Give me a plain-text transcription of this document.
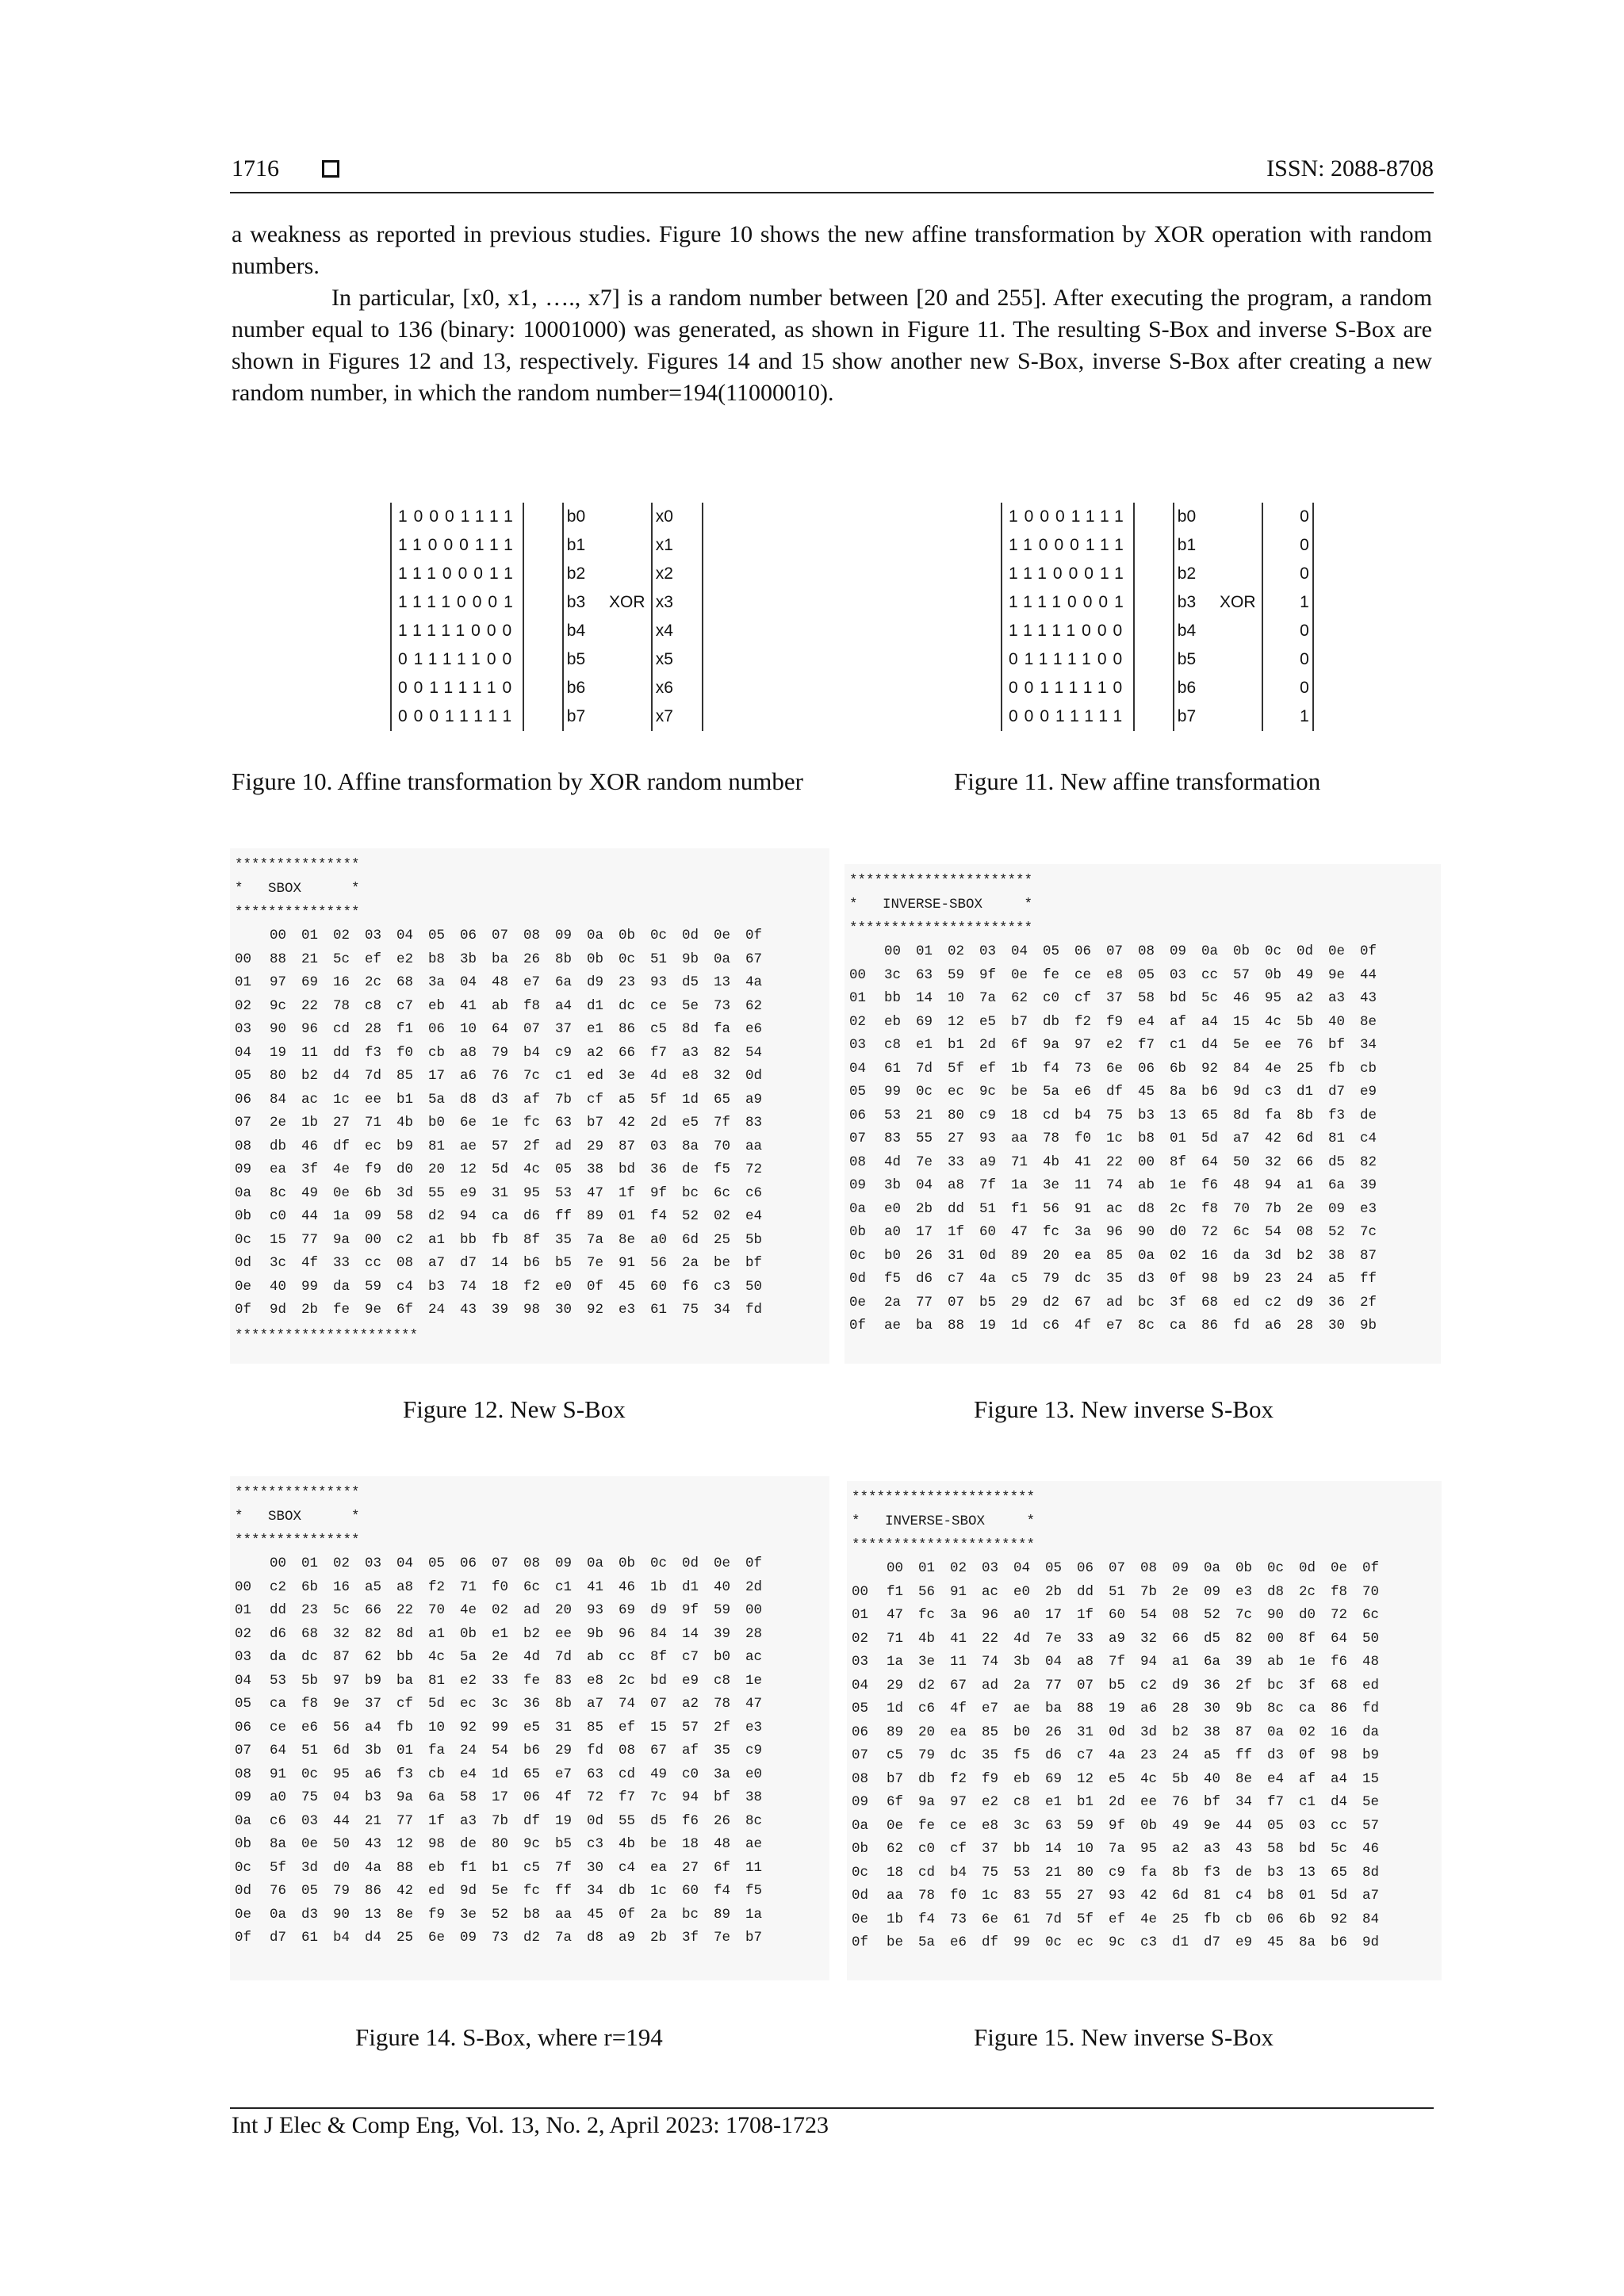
1716	ISSN: 2088-8708
a weakness as reported in previous studies. Figure 10 shows the new affine transformation by XOR operation with random numbers.
In particular, [x0, x1, …., x7] is a random number between [20 and 255]. After executing the program, a random number equal to 136 (binary: 10001000) was generated, as shown in Figure 11. The resulting S-Box and inverse S-Box are shown in Figures 12 and 13, respectively. Figures 14 and 15 show another new S-Box, inverse S-Box after creating a new random number, in which the random number=194(11000010).
10001111		b0		x0	
11000111		b1		x1	
11100011		b2		x2	
11110001		b3	XOR	x3	
11111000		b4		x4	
01111100		b5		x5	
00111110		b6		x6	
00011111		b7		x7	
10001111		b0			0
11000111		b1			0
11100011		b2			0
11110001		b3	XOR		1
11111000		b4			0
01111100		b5			0
00111110		b6			0
00011111		b7			1
Figure 10. Affine transformation by XOR random number	Figure 11. New affine transformation
***************
*   SBOX      *
***************
	00	01	02	03	04	05	06	07	08	09	0a	0b	0c	0d	0e	0f
00	88	21	5c	ef	e2	b8	3b	ba	26	8b	0b	0c	51	9b	0a	67
01	97	69	16	2c	68	3a	04	48	e7	6a	d9	23	93	d5	13	4a
02	9c	22	78	c8	c7	eb	41	ab	f8	a4	d1	dc	ce	5e	73	62
03	90	96	cd	28	f1	06	10	64	07	37	e1	86	c5	8d	fa	e6
04	19	11	dd	f3	f0	cb	a8	79	b4	c9	a2	66	f7	a3	82	54
05	80	b2	d4	7d	85	17	a6	76	7c	c1	ed	3e	4d	e8	32	0d
06	84	ac	1c	ee	b1	5a	d8	d3	af	7b	cf	a5	5f	1d	65	a9
07	2e	1b	27	71	4b	b0	6e	1e	fc	63	b7	42	2d	e5	7f	83
08	db	46	df	ec	b9	81	ae	57	2f	ad	29	87	03	8a	70	aa
09	ea	3f	4e	f9	d0	20	12	5d	4c	05	38	bd	36	de	f5	72
0a	8c	49	0e	6b	3d	55	e9	31	95	53	47	1f	9f	bc	6c	c6
0b	c0	44	1a	09	58	d2	94	ca	d6	ff	89	01	f4	52	02	e4
0c	15	77	9a	00	c2	a1	bb	fb	8f	35	7a	8e	a0	6d	25	5b
0d	3c	4f	33	cc	08	a7	d7	14	b6	b5	7e	91	56	2a	be	bf
0e	40	99	da	59	c4	b3	74	18	f2	e0	0f	45	60	f6	c3	50
0f	9d	2b	fe	9e	6f	24	43	39	98	30	92	e3	61	75	34	fd
**********************
**********************
*   INVERSE-SBOX     *
**********************
	00	01	02	03	04	05	06	07	08	09	0a	0b	0c	0d	0e	0f
00	3c	63	59	9f	0e	fe	ce	e8	05	03	cc	57	0b	49	9e	44
01	bb	14	10	7a	62	c0	cf	37	58	bd	5c	46	95	a2	a3	43
02	eb	69	12	e5	b7	db	f2	f9	e4	af	a4	15	4c	5b	40	8e
03	c8	e1	b1	2d	6f	9a	97	e2	f7	c1	d4	5e	ee	76	bf	34
04	61	7d	5f	ef	1b	f4	73	6e	06	6b	92	84	4e	25	fb	cb
05	99	0c	ec	9c	be	5a	e6	df	45	8a	b6	9d	c3	d1	d7	e9
06	53	21	80	c9	18	cd	b4	75	b3	13	65	8d	fa	8b	f3	de
07	83	55	27	93	aa	78	f0	1c	b8	01	5d	a7	42	6d	81	c4
08	4d	7e	33	a9	71	4b	41	22	00	8f	64	50	32	66	d5	82
09	3b	04	a8	7f	1a	3e	11	74	ab	1e	f6	48	94	a1	6a	39
0a	e0	2b	dd	51	f1	56	91	ac	d8	2c	f8	70	7b	2e	09	e3
0b	a0	17	1f	60	47	fc	3a	96	90	d0	72	6c	54	08	52	7c
0c	b0	26	31	0d	89	20	ea	85	0a	02	16	da	3d	b2	38	87
0d	f5	d6	c7	4a	c5	79	dc	35	d3	0f	98	b9	23	24	a5	ff
0e	2a	77	07	b5	29	d2	67	ad	bc	3f	68	ed	c2	d9	36	2f
0f	ae	ba	88	19	1d	c6	4f	e7	8c	ca	86	fd	a6	28	30	9b
Figure 12. New S-Box	Figure 13. New inverse S-Box
***************
*   SBOX      *
***************
	00	01	02	03	04	05	06	07	08	09	0a	0b	0c	0d	0e	0f
00	c2	6b	16	a5	a8	f2	71	f0	6c	c1	41	46	1b	d1	40	2d
01	dd	23	5c	66	22	70	4e	02	ad	20	93	69	d9	9f	59	00
02	d6	68	32	82	8d	a1	0b	e1	b2	ee	9b	96	84	14	39	28
03	da	dc	87	62	bb	4c	5a	2e	4d	7d	ab	cc	8f	c7	b0	ac
04	53	5b	97	b9	ba	81	e2	33	fe	83	e8	2c	bd	e9	c8	1e
05	ca	f8	9e	37	cf	5d	ec	3c	36	8b	a7	74	07	a2	78	47
06	ce	e6	56	a4	fb	10	92	99	e5	31	85	ef	15	57	2f	e3
07	64	51	6d	3b	01	fa	24	54	b6	29	fd	08	67	af	35	c9
08	91	0c	95	a6	f3	cb	e4	1d	65	e7	63	cd	49	c0	3a	e0
09	a0	75	04	b3	9a	6a	58	17	06	4f	72	f7	7c	94	bf	38
0a	c6	03	44	21	77	1f	a3	7b	df	19	0d	55	d5	f6	26	8c
0b	8a	0e	50	43	12	98	de	80	9c	b5	c3	4b	be	18	48	ae
0c	5f	3d	d0	4a	88	eb	f1	b1	c5	7f	30	c4	ea	27	6f	11
0d	76	05	79	86	42	ed	9d	5e	fc	ff	34	db	1c	60	f4	f5
0e	0a	d3	90	13	8e	f9	3e	52	b8	aa	45	0f	2a	bc	89	1a
0f	d7	61	b4	d4	25	6e	09	73	d2	7a	d8	a9	2b	3f	7e	b7
**********************
*   INVERSE-SBOX     *
**********************
	00	01	02	03	04	05	06	07	08	09	0a	0b	0c	0d	0e	0f
00	f1	56	91	ac	e0	2b	dd	51	7b	2e	09	e3	d8	2c	f8	70
01	47	fc	3a	96	a0	17	1f	60	54	08	52	7c	90	d0	72	6c
02	71	4b	41	22	4d	7e	33	a9	32	66	d5	82	00	8f	64	50
03	1a	3e	11	74	3b	04	a8	7f	94	a1	6a	39	ab	1e	f6	48
04	29	d2	67	ad	2a	77	07	b5	c2	d9	36	2f	bc	3f	68	ed
05	1d	c6	4f	e7	ae	ba	88	19	a6	28	30	9b	8c	ca	86	fd
06	89	20	ea	85	b0	26	31	0d	3d	b2	38	87	0a	02	16	da
07	c5	79	dc	35	f5	d6	c7	4a	23	24	a5	ff	d3	0f	98	b9
08	b7	db	f2	f9	eb	69	12	e5	4c	5b	40	8e	e4	af	a4	15
09	6f	9a	97	e2	c8	e1	b1	2d	ee	76	bf	34	f7	c1	d4	5e
0a	0e	fe	ce	e8	3c	63	59	9f	0b	49	9e	44	05	03	cc	57
0b	62	c0	cf	37	bb	14	10	7a	95	a2	a3	43	58	bd	5c	46
0c	18	cd	b4	75	53	21	80	c9	fa	8b	f3	de	b3	13	65	8d
0d	aa	78	f0	1c	83	55	27	93	42	6d	81	c4	b8	01	5d	a7
0e	1b	f4	73	6e	61	7d	5f	ef	4e	25	fb	cb	06	6b	92	84
0f	be	5a	e6	df	99	0c	ec	9c	c3	d1	d7	e9	45	8a	b6	9d
Figure 14. S-Box, where r=194	Figure 15. New inverse S-Box
Int J Elec & Comp Eng, Vol. 13, No. 2, April 2023: 1708-1723
